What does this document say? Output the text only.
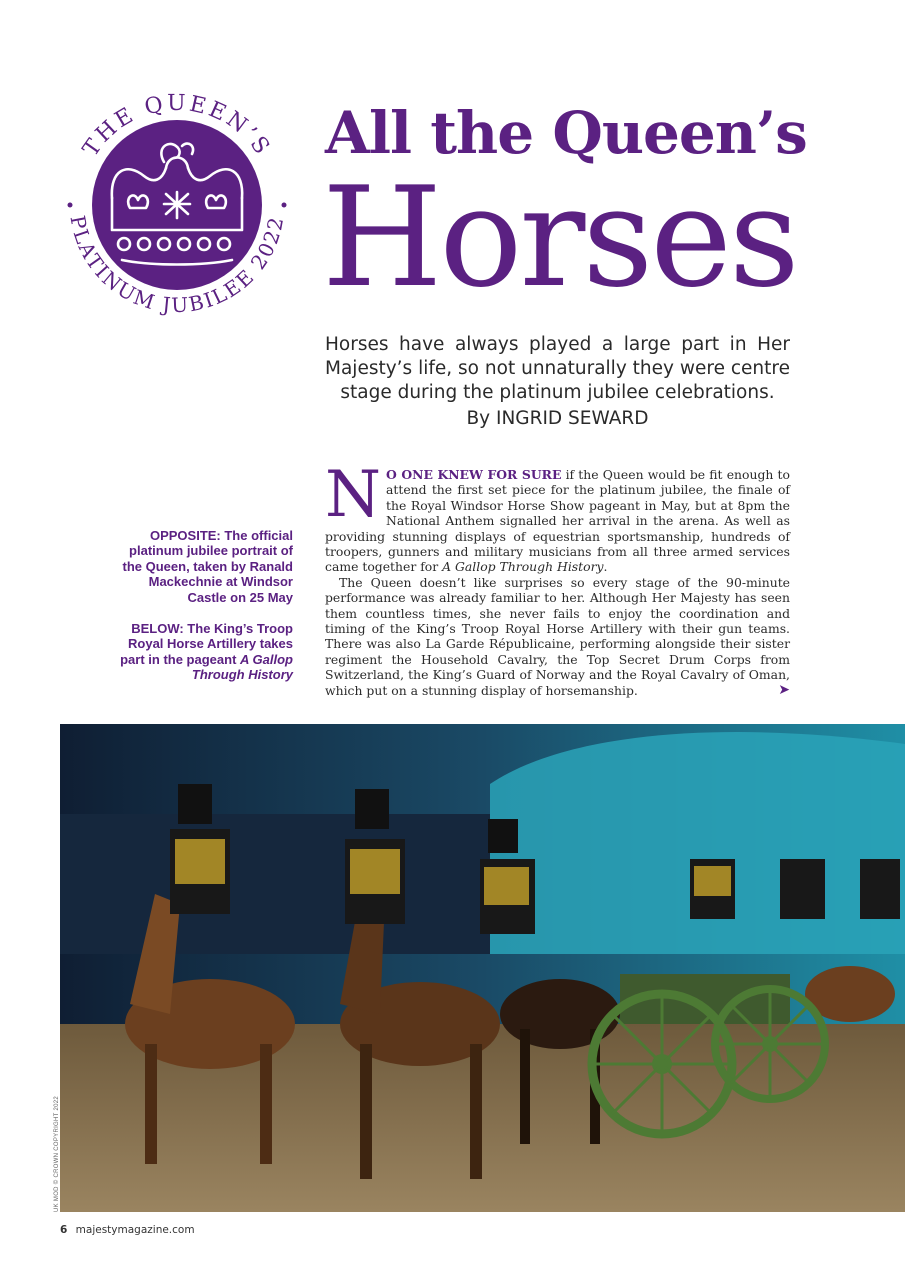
THE QUEEN’S
PLATINUM JUBILEE 2022
All the Queen’s
Horses
Horses have always played a large part in Her Majesty’s life, so not unnaturally they were centre stage during the platinum jubilee celebrations.
By INGRID SEWARD

OPPOSITE: The official platinum jubilee portrait of the Queen, taken by Ranald Mackechnie at Windsor Castle on 25 May

BELOW: The King’s Troop Royal Horse Artillery takes part in the pageant A Gallop Through History

N O ONE KNEW FOR SURE if the Queen would be fit enough to attend the first set piece for the platinum jubilee, the finale of the Royal Windsor Horse Show pageant in May, but at 8pm the National Anthem signalled her arrival in the arena. As well as providing stunning displays of equestrian sportsmanship, hundreds of troopers, gunners and military musicians from all three armed services came together for A Gallop Through History.

The Queen doesn’t like surprises so every stage of the 90-minute performance was already familiar to her. Although Her Majesty has seen them countless times, she never fails to enjoy the coordination and timing of the King’s Troop Royal Horse Artillery with their gun teams. There was also La Garde Républicaine, performing alongside their sister regiment the Household Cavalry, the Top Secret Drum Corps from Switzerland, the King’s Guard of Norway and the Royal Cavalry of Oman, which put on a stunning display of horsemanship.	➤

UK MOD © CROWN COPYRIGHT 2022
6 majestymagazine.com
